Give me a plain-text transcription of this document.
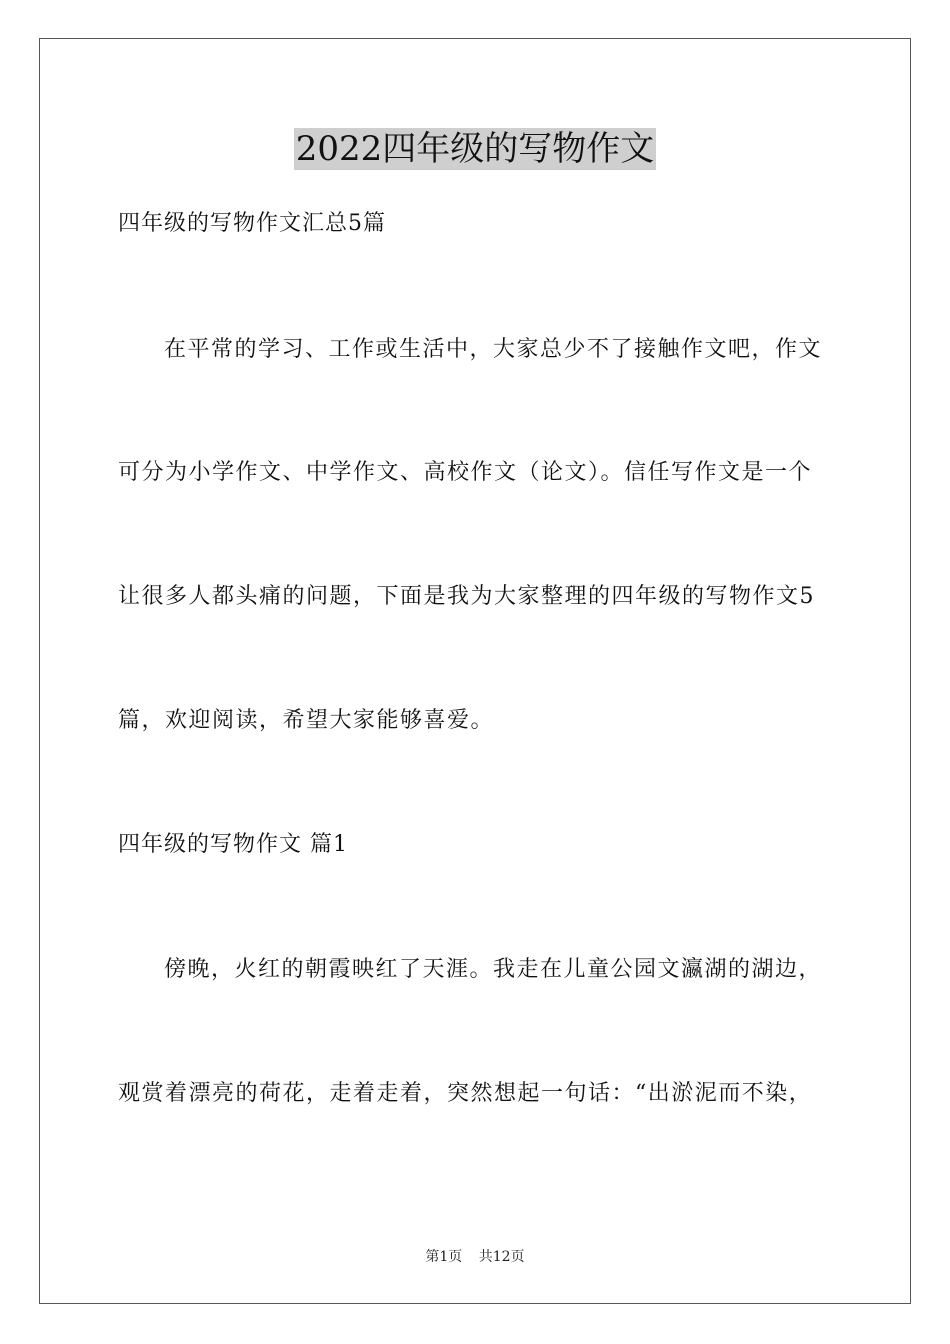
2022四年级的写物作文
四年级的写物作文汇总5篇
在平常的学习、工作或生活中，大家总少不了接触作文吧，作文
可分为小学作文、中学作文、高校作文（论文）。信任写作文是一个
让很多人都头痛的问题，下面是我为大家整理的四年级的写物作文5
篇，欢迎阅读，希望大家能够喜爱。
四年级的写物作文 篇1
傍晚，火红的朝霞映红了天涯。我走在儿童公园文瀛湖的湖边，
观赏着漂亮的荷花，走着走着，突然想起一句话：“出淤泥而不染，
第1页 共12页
